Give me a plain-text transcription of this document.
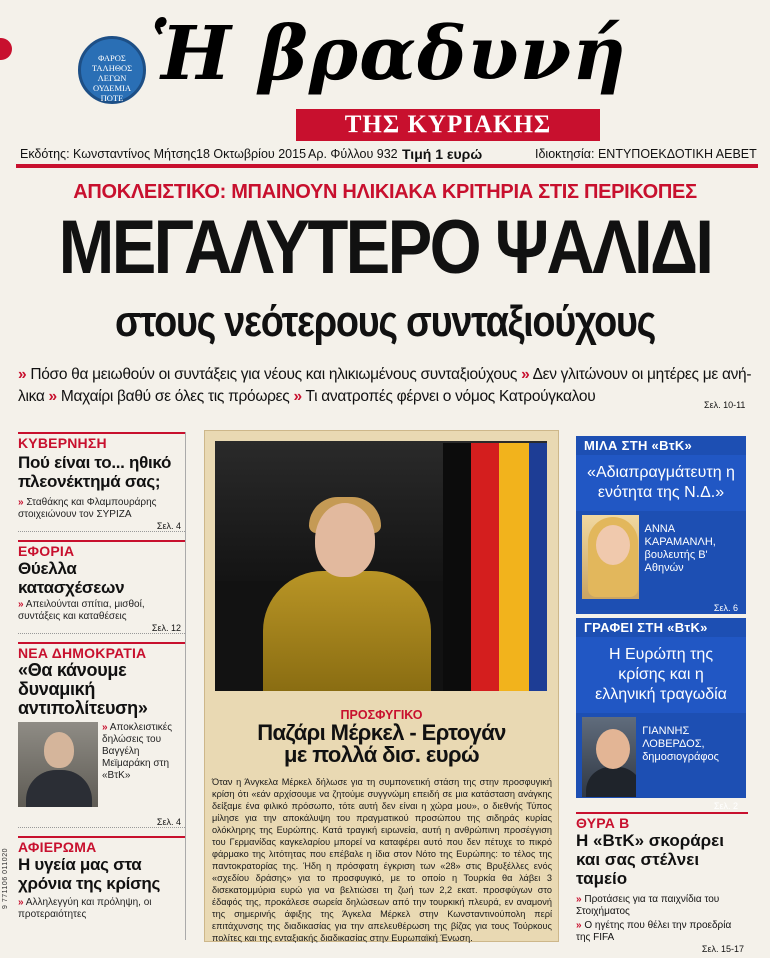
ΦΑΡΟΣ ΤΑΛΗΘΟΣ ΛΕΓΩΝ ΟΥΔΕΜΙΑ ΠΟΤΕ
Ἡ βραδυνή
ΤΗΣ ΚΥΡΙΑΚΗΣ
Εκδότης: Κωνσταντίνος Μήτσης 18 Οκτωβρίου 2015 Αρ. Φύλλου 932 Τιμή 1 ευρώ	Ιδιοκτησία: ΕΝΤΥΠΟΕΚΔΟΤΙΚΗ ΑΕΒΕΤ
ΑΠΟΚΛΕΙΣΤΙΚΟ: ΜΠΑΙΝΟΥΝ ΗΛΙΚΙΑΚΑ ΚΡΙΤΗΡΙΑ ΣΤΙΣ ΠΕΡΙΚΟΠΕΣ
ΜΕΓΑΛΥΤΕΡΟ ΨΑΛΙΔΙ
στους νεότερους συνταξιούχους
» Πόσο θα μειωθούν οι συντάξεις για νέους και ηλικιωμένους συνταξιούχους » Δεν γλιτώνουν οι μητέρες με ανή-
λικα » Μαχαίρι βαθύ σε όλες τις πρόωρες » Τι ανατροπές φέρνει ο νόμος Κατρούγκαλου	Σελ. 10-11
ΚΥΒΕΡΝΗΣΗ
Πού είναι το... ηθικό πλεονέκτημά σας;
» Σταθάκης και Φλαμπουράρης στοιχειώνουν τον ΣΥΡΙΖΑ
Σελ. 4
ΕΦΟΡΙΑ
Θύελλα κατασχέσεων
» Απειλούνται σπίτια, μισθοί, συντάξεις και καταθέσεις
Σελ. 12
ΝΕΑ ΔΗΜΟΚΡΑΤΙΑ
«Θα κάνουμε δυναμική αντιπολίτευση»
» Αποκλειστικές δηλώσεις του Βαγγέλη Μεϊμαράκη στη «ΒτΚ»
Σελ. 4
ΑΦΙΕΡΩΜΑ
Η υγεία μας στα χρόνια της κρίσης
» Αλληλεγγύη και πρόληψη, οι προτεραιότητες
ΠΡΟΣΦΥΓΙΚΟ
Παζάρι Μέρκελ - Ερτογάν
με πολλά δισ. ευρώ
Όταν η Άνγκελα Μέρκελ δήλωσε για τη συμπονετική στάση της στην προσφυγική κρίση ότι «εάν αρχίσουμε να ζητούμε συγγνώμη επειδή σε μια κατάσταση ανάγκης δείξαμε ένα φιλικό πρόσωπο, τότε αυτή δεν είναι η χώρα μου», ο διεθνής Τύπος μίλησε για την αποκάλυψη του πραγματικού προσώπου της σιδηράς κυρίας ολόκληρης της Ευρώπης. Κατά τραγική ειρωνεία, αυτή η ανθρώπινη προσέγγιση του Γερμανίδας καγκελαρίου μπορεί να καταφέρει αυτό που δεν πέτυχε το πικρό φάρμακο της λιτότητας που επέβαλε η ίδια στον Νότο της Ευρώπης: το τέλος της παντοκρατορίας της. Ήδη η πρόσφατη έγκριση των «28» στις Βρυξέλλες ενός «σχεδίου δράσης» για το προσφυγικό, με το οποίο η Τουρκία θα λάβει 3 δισεκατομμύρια ευρώ για να βελτιώσει τη ζωή των 2,2 εκατ. προσφύγων στο έδαφός της, προκάλεσε σωρεία δηλώσεων από την τουρκική πλευρά, εν αναμονή της σημερινής άφιξης της Άγκελα Μέρκελ στην Κωνσταντινούπολη περί επιτάχυνσης της διαδικασίας για την απελευθέρωση της βίζας για τους Τούρκους πολίτες και της ενταξιακής διαδικασίας στην Ευρωπαϊκή Ένωση.
ΜΙΛΑ ΣΤΗ «ΒτΚ»
«Αδιαπραγμάτευτη η ενότητα της Ν.Δ.»
ΑΝΝΑ ΚΑΡΑΜΑΝΛΗ,
βουλευτής Β' Αθηνών
Σελ. 6
ΓΡΑΦΕΙ ΣΤΗ «ΒτΚ»
Η Ευρώπη της κρίσης και η ελληνική τραγωδία
ΓΙΑΝΝΗΣ ΛΟΒΕΡΔΟΣ,
δημοσιογράφος
Σελ. 2
ΘΥΡΑ Β
Η «ΒτΚ» σκοράρει και σας στέλνει ταμείο
» Προτάσεις για τα παιχνίδια του Στοιχήματος
» Ο ηγέτης που θέλει την προεδρία της FIFA
Σελ. 15-17
9 771106 011020
